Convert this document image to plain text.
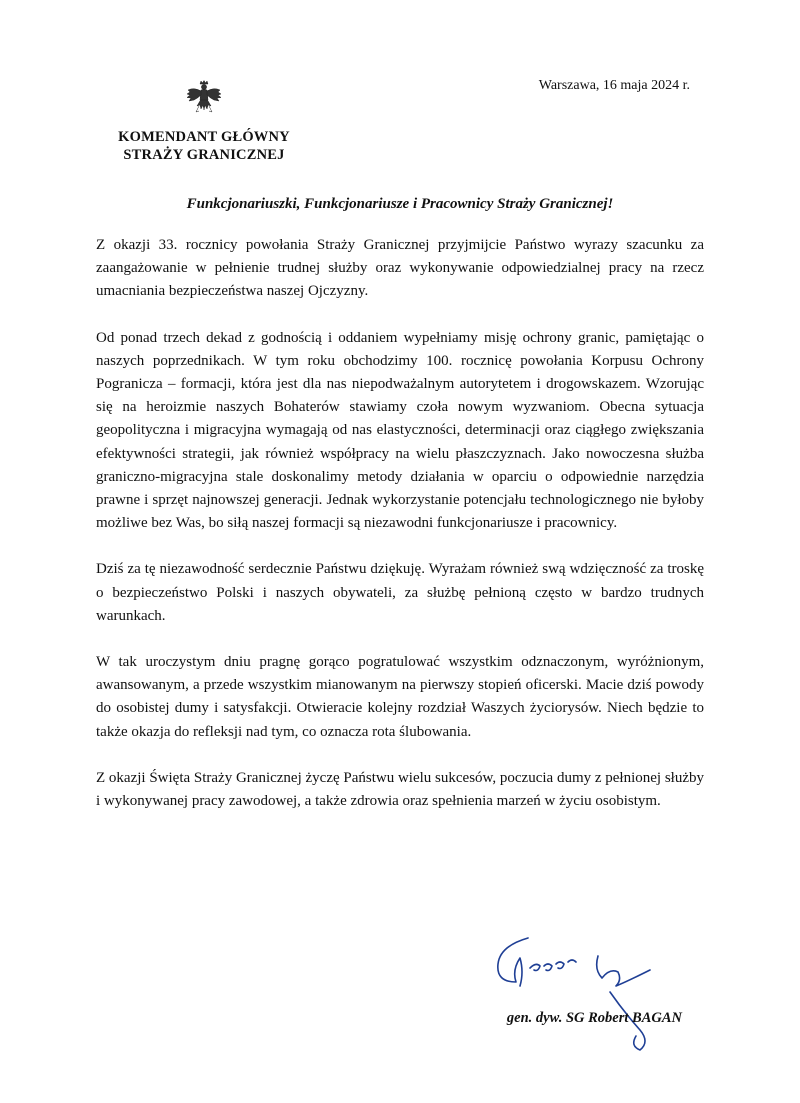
Warszawa, 16 maja 2024 r.
KOMENDANT GŁÓWNY
STRAŻY GRANICZNEJ
Funkcjonariuszki, Funkcjonariusze i Pracownicy Straży Granicznej!

Z okazji 33. rocznicy powołania Straży Granicznej przyjmijcie Państwo wyrazy szacunku za zaangażowanie w pełnienie trudnej służby oraz wykonywanie odpowiedzialnej pracy na rzecz umacniania bezpieczeństwa naszej Ojczyzny.

Od ponad trzech dekad z godnością i oddaniem wypełniamy misję ochrony granic, pamiętając o naszych poprzednikach. W tym roku obchodzimy 100. rocznicę powołania Korpusu Ochrony Pogranicza – formacji, która jest dla nas niepodważalnym autorytetem i drogowskazem. Wzorując się na heroizmie naszych Bohaterów stawiamy czoła nowym wyzwaniom. Obecna sytuacja geopolityczna i migracyjna wymagają od nas elastyczności, determinacji oraz ciągłego zwiększania efektywności strategii, jak również współpracy na wielu płaszczyznach. Jako nowoczesna służba graniczno-migracyjna stale doskonalimy metody działania w oparciu o odpowiednie narzędzia prawne i sprzęt najnowszej generacji. Jednak wykorzystanie potencjału technologicznego nie byłoby możliwe bez Was, bo siłą naszej formacji są niezawodni funkcjonariusze i pracownicy.

Dziś za tę niezawodność serdecznie Państwu dziękuję. Wyrażam również swą wdzięczność za troskę o bezpieczeństwo Polski i naszych obywateli, za służbę pełnioną często w bardzo trudnych warunkach.

W tak uroczystym dniu pragnę gorąco pogratulować wszystkim odznaczonym, wyróżnionym, awansowanym, a przede wszystkim mianowanym na pierwszy stopień oficerski. Macie dziś powody do osobistej dumy i satysfakcji. Otwieracie kolejny rozdział Waszych życiorysów. Niech będzie to także okazja do refleksji nad tym, co oznacza rota ślubowania.

Z okazji Święta Straży Granicznej życzę Państwu wielu sukcesów, poczucia dumy z pełnionej służby i wykonywanej pracy zawodowej, a także zdrowia oraz spełnienia marzeń w życiu osobistym.

gen. dyw. SG Robert BAGAN
